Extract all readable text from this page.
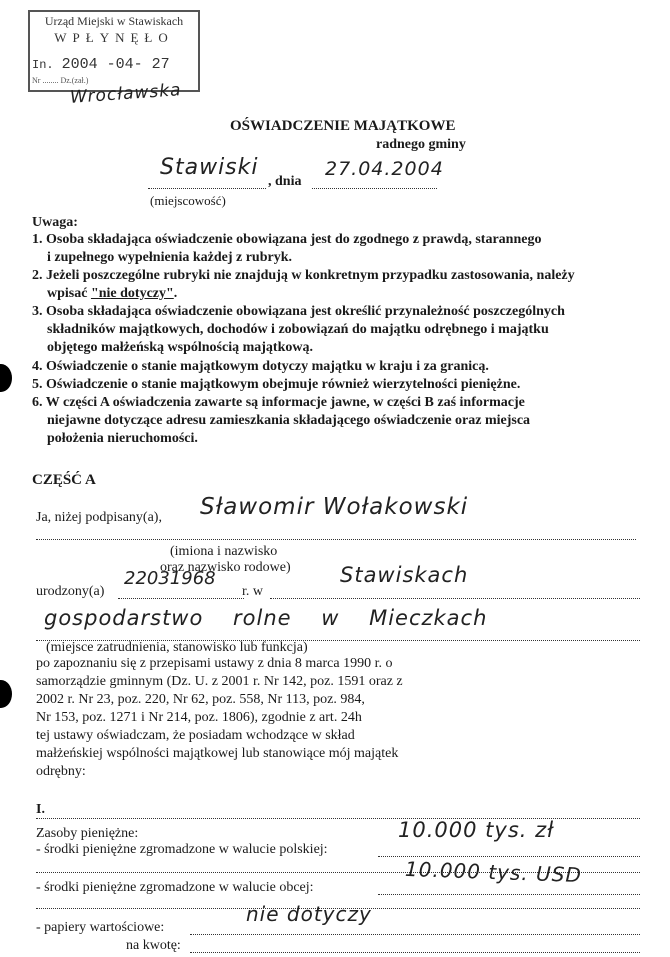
Urząd Miejski w Stawiskach
WPŁYNĘŁO
In. 2004 -04- 27
Nr ........ Dz.(zał.)
Wrocławska
OŚWIADCZENIE MAJĄTKOWE
radnego gminy
Stawiski
, dnia
27.04.2004
(miejscowość)
Uwaga:
1. Osoba składająca oświadczenie obowiązana jest do zgodnego z prawdą, starannego
i zupełnego wypełnienia każdej z rubryk.
2. Jeżeli poszczególne rubryki nie znajdują w konkretnym przypadku zastosowania, należy
wpisać "nie dotyczy".
3. Osoba składająca oświadczenie obowiązana jest określić przynależność poszczególnych
składników majątkowych, dochodów i zobowiązań do majątku odrębnego i majątku
objętego małżeńską wspólnością majątkową.
4. Oświadczenie o stanie majątkowym dotyczy majątku w kraju i za granicą.
5. Oświadczenie o stanie majątkowym obejmuje również wierzytelności pieniężne.
6. W części A oświadczenia zawarte są informacje jawne, w części B zaś informacje
niejawne dotyczące adresu zamieszkania składającego oświadczenie oraz miejsca
położenia nieruchomości.
CZĘŚĆ A
Ja, niżej podpisany(a), Sławomir Wołakowski
(imiona i nazwisko
oraz nazwisko rodowe)
urodzony(a)
22031968
r. w
Stawiskach
gospodarstwo rolne w Mieczkach
(miejsce zatrudnienia, stanowisko lub funkcja)
po zapoznaniu się z przepisami ustawy z dnia 8 marca 1990 r. o
samorządzie gminnym (Dz. U. z 2001 r. Nr 142, poz. 1591 oraz z
2002 r. Nr 23, poz. 220, Nr 62, poz. 558, Nr 113, poz. 984,
Nr 153, poz. 1271 i Nr 214, poz. 1806), zgodnie z art. 24h
tej ustawy oświadczam, że posiadam wchodzące w skład
małżeńskiej wspólności majątkowej lub stanowiące mój majątek
odrębny:
I.
Zasoby pieniężne:
- środki pieniężne zgromadzone w walucie polskiej:
10.000 tys. zł
- środki pieniężne zgromadzone w walucie obcej:
10.000 tys. USD
- papiery wartościowe:
nie dotyczy
na kwotę:
